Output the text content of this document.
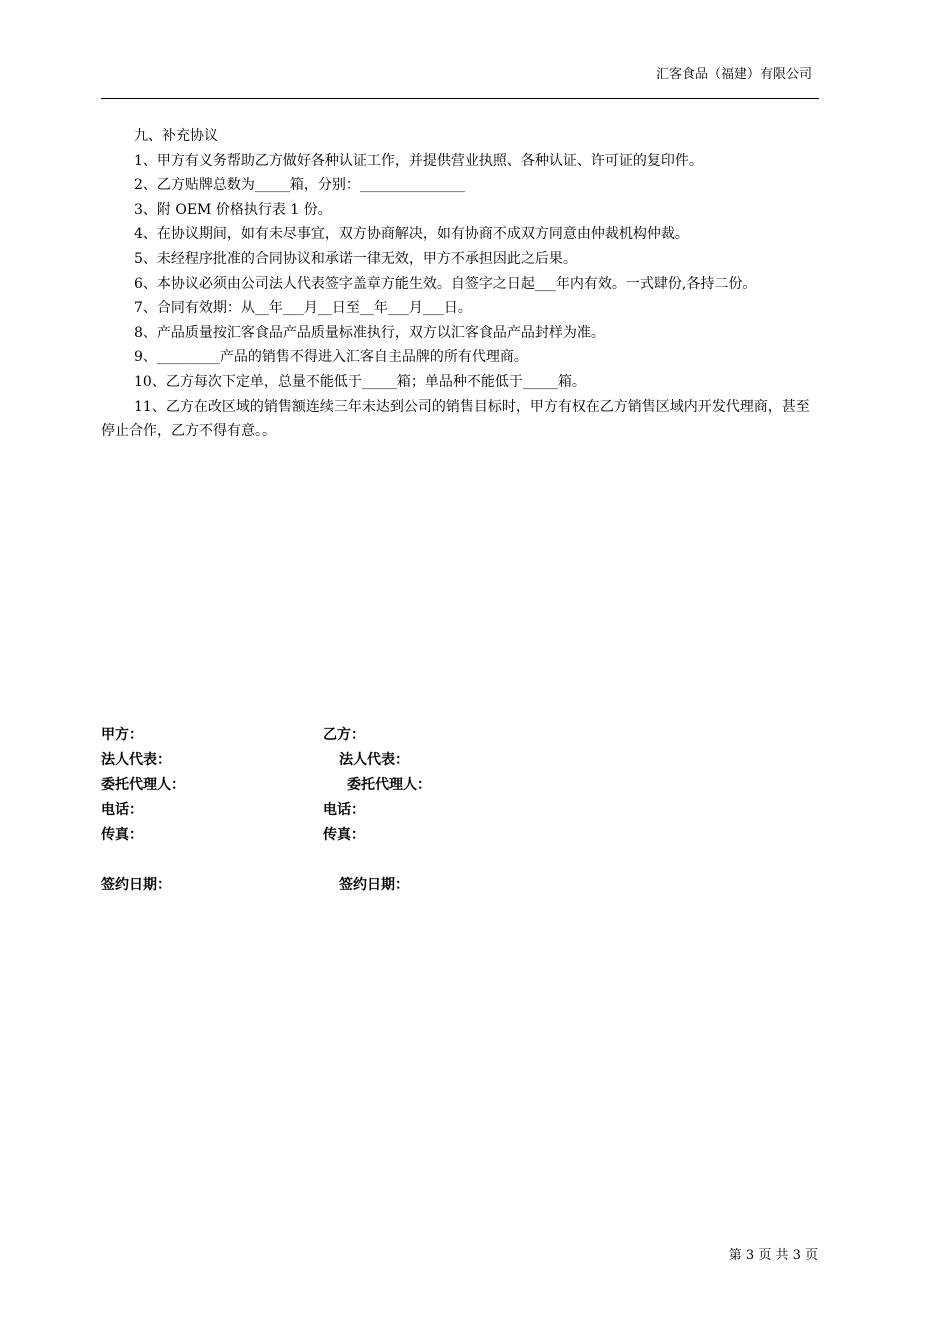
汇客食品（福建）有限公司

九、补充协议

1、甲方有义务帮助乙方做好各种认证工作，并提供营业执照、各种认证、许可证的复印件。

2、乙方贴牌总数为_____箱，分别：_______________

3、附 OEM 价格执行表 1 份。

4、在协议期间，如有未尽事宜，双方协商解决，如有协商不成双方同意由仲裁机构仲裁。

5、未经程序批准的合同协议和承诺一律无效，甲方不承担因此之后果。

6、本协议必须由公司法人代表签字盖章方能生效。自签字之日起___年内有效。一式肆份,各持二份。

7、合同有效期：从__年___月__日至__年___月___日。

8、产品质量按汇客食品产品质量标准执行，双方以汇客食品产品封样为准。

9、_________产品的销售不得进入汇客自主品牌的所有代理商。

10、乙方每次下定单，总量不能低于_____箱；单品种不能低于_____箱。

11、乙方在改区域的销售额连续三年未达到公司的销售目标时，甲方有权在乙方销售区域内开发代理商，甚至停止合作，乙方不得有意。。

甲方：
法人代表：
委托代理人：
电话：
传真：
签约日期：
乙方：
法人代表：
委托代理人：
电话：
传真：
签约日期：
第 3 页 共 3 页
